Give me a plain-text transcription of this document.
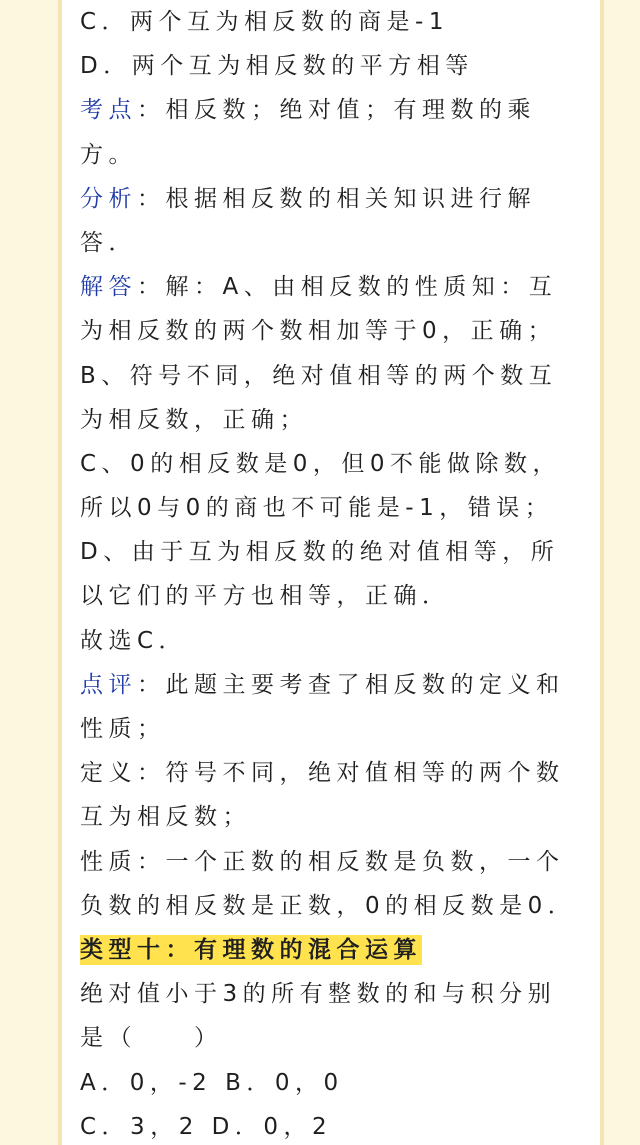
C．两个互为相反数的商是-1
D．两个互为相反数的平方相等
考点：相反数；绝对值；有理数的乘
方。
分析：根据相反数的相关知识进行解
答．
解答：解：A、由相反数的性质知：互
为相反数的两个数相加等于0，正确；
B、符号不同，绝对值相等的两个数互
为相反数，正确；
C、0的相反数是0，但0不能做除数，
所以0与0的商也不可能是-1，错误；
D、由于互为相反数的绝对值相等，所
以它们的平方也相等，正确．
故选C．
点评：此题主要考查了相反数的定义和
性质；
定义：符号不同，绝对值相等的两个数
互为相反数；
性质：一个正数的相反数是负数，一个
负数的相反数是正数，0的相反数是0．
类型十：有理数的混合运算
绝对值小于3的所有整数的和与积分别
是（　　）
A．0，-2 B．0，0
C．3，2 D．0，2
